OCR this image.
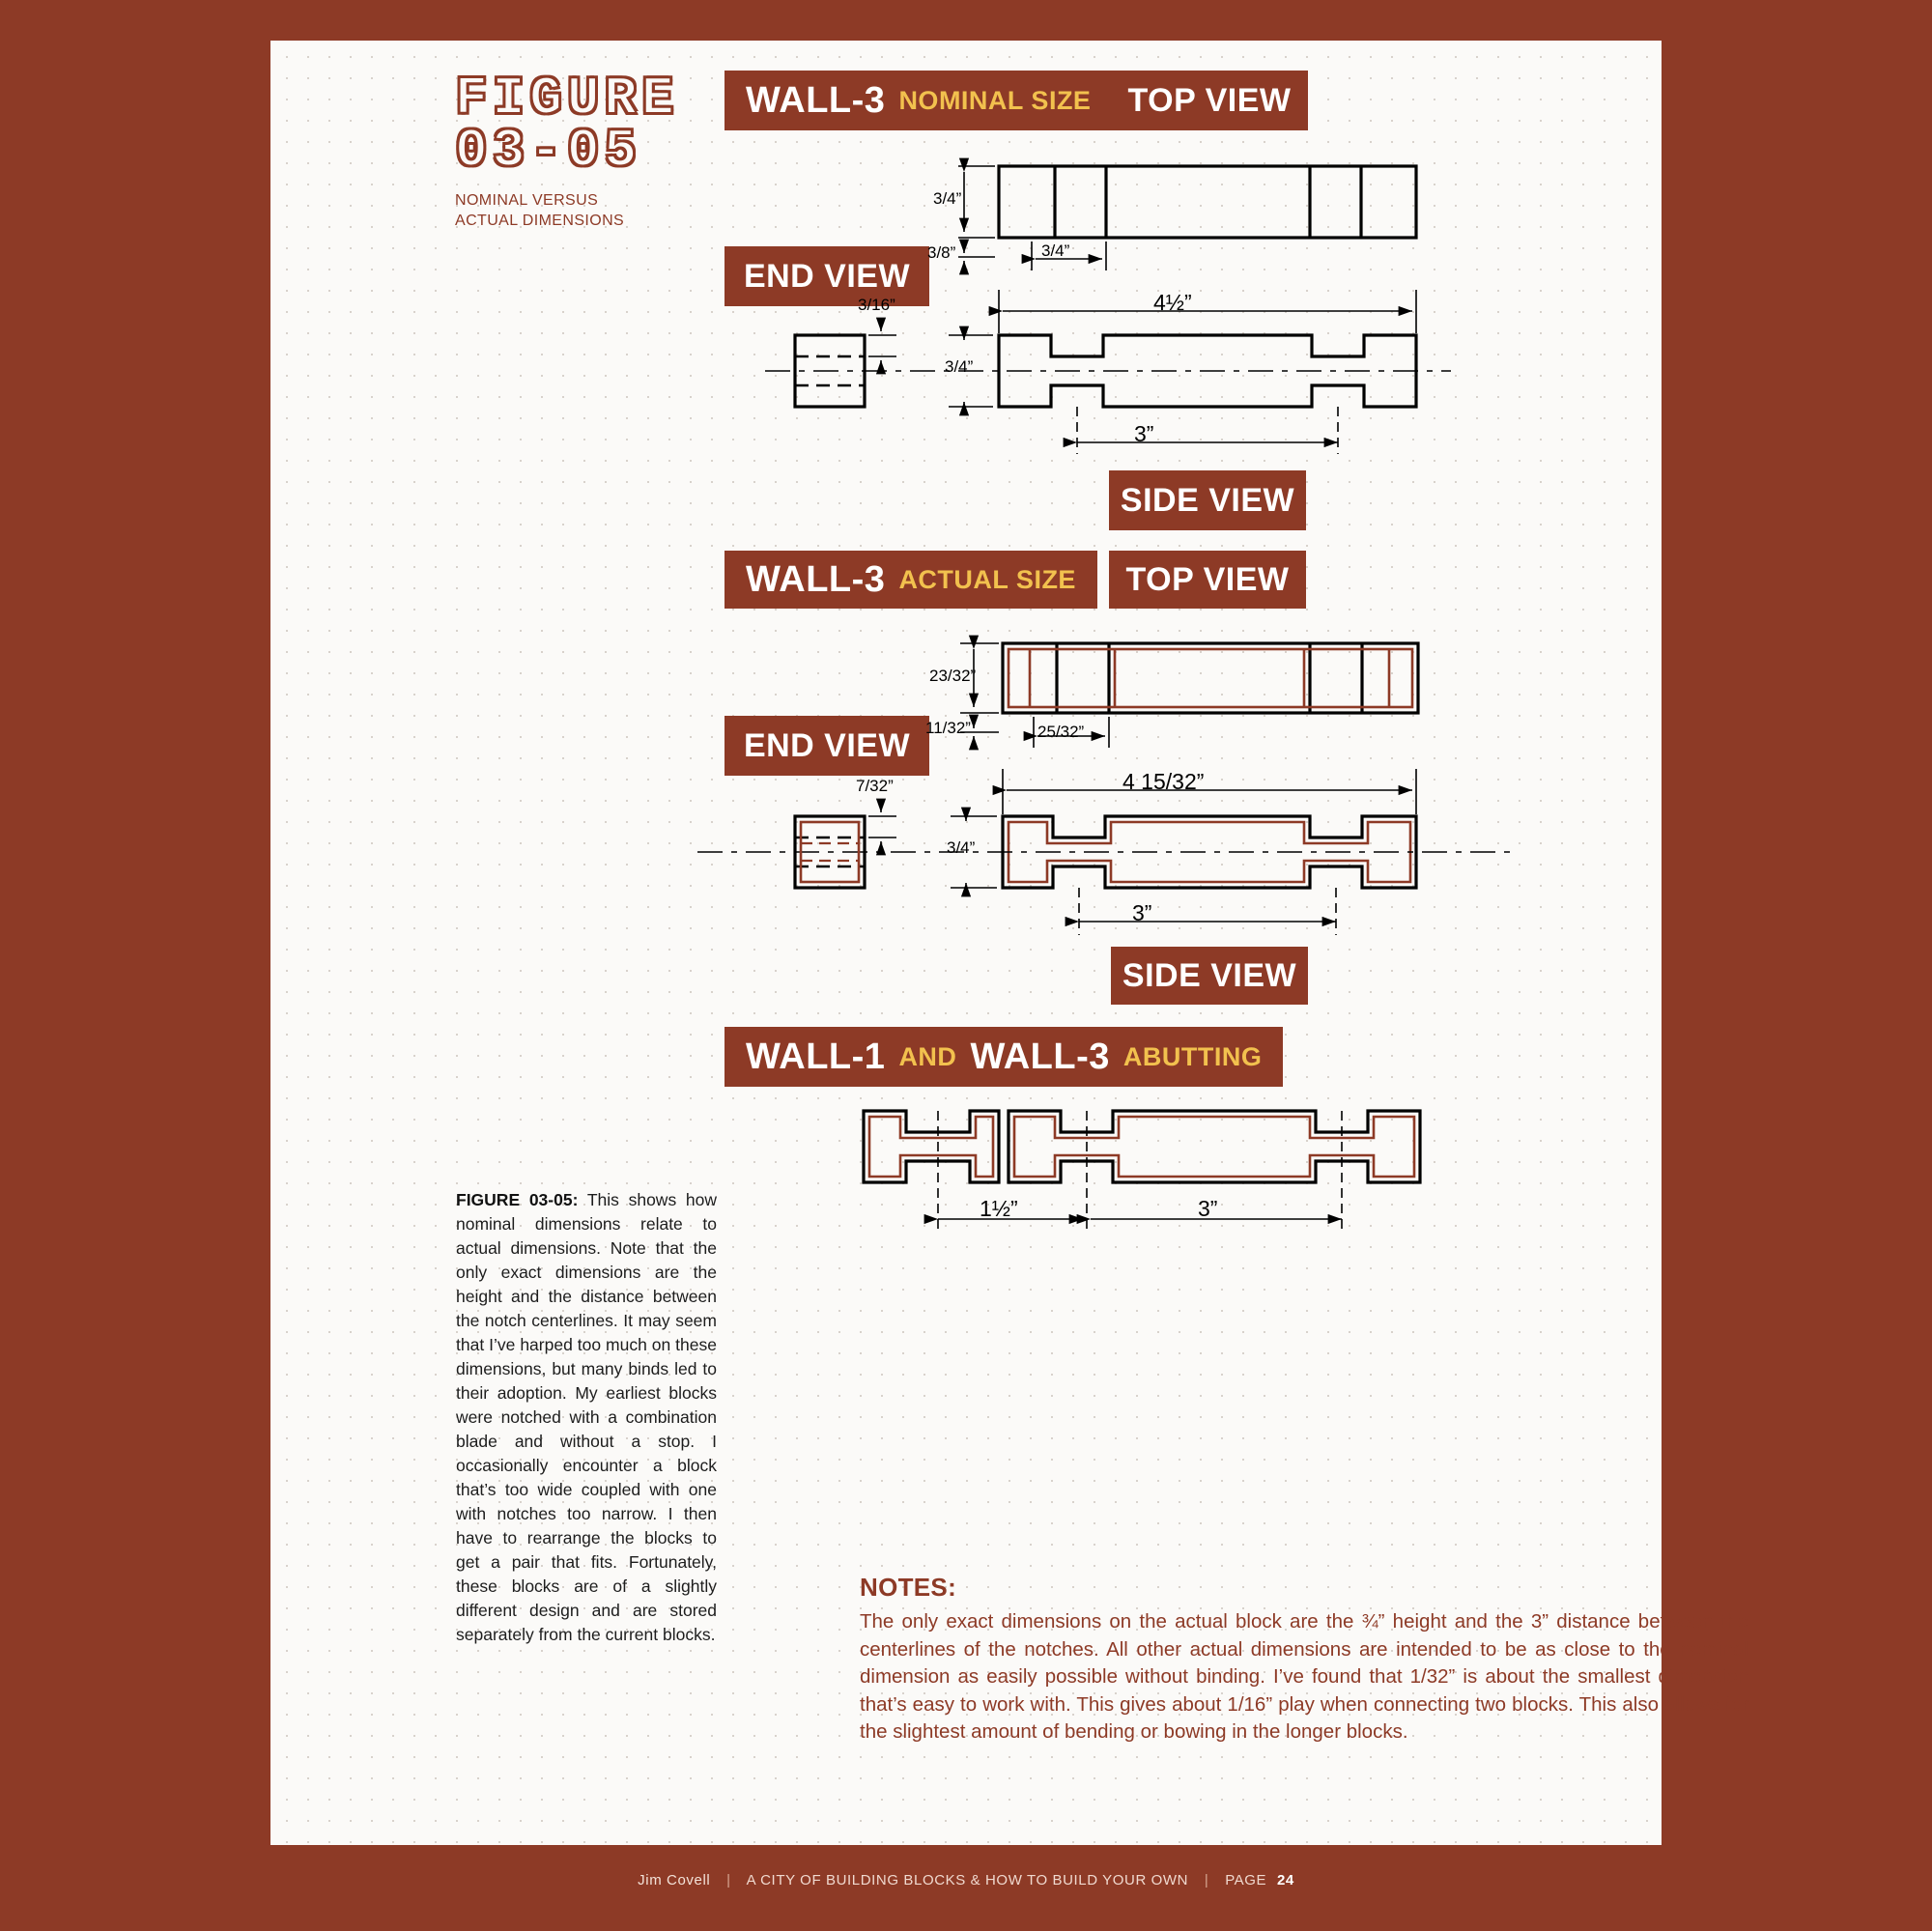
FIGURE
03-05
NOMINAL VERSUS
ACTUAL DIMENSIONS
WALL-3 NOMINAL SIZE	TOP VIEW
END VIEW
SIDE VIEW
WALL-3 ACTUAL SIZE	TOP VIEW
END VIEW
SIDE VIEW
WALL-1 AND WALL-3 ABUTTING
3/4”
3/8”	3/4”
4½”
3/16”
3/4”
3”
23/32”
11/32”	25/32”
4 15/32”
7/32”
3/4”
3”
1½”	3”
FIGURE 03-05: This shows how nominal dimensions relate to actual dimensions. Note that the only exact dimensions are the height and the distance between the notch centerlines. It may seem that I’ve harped too much on these dimensions, but many binds led to their adoption. My earliest blocks were notched with a combination blade and without a stop. I occasionally encounter a block that’s too wide coupled with one with notches too narrow. I then have to rearrange the blocks to get a pair that fits. Fortunately, these blocks are of a slightly different design and are stored separately from the current blocks.
NOTES:

The only exact dimensions on the actual block are the ¾” height and the 3” distance between the centerlines of the notches. All other actual dimensions are intended to be as close to the nominal dimension as easily possible without binding. I’ve found that 1/32” is about the smallest dimension that’s easy to work with. This gives about 1/16” play when connecting two blocks. This also allows for the slightest amount of bending or bowing in the longer blocks.

Jim Covell | A CITY OF BUILDING BLOCKS & HOW TO BUILD YOUR OWN | PAGE 24
